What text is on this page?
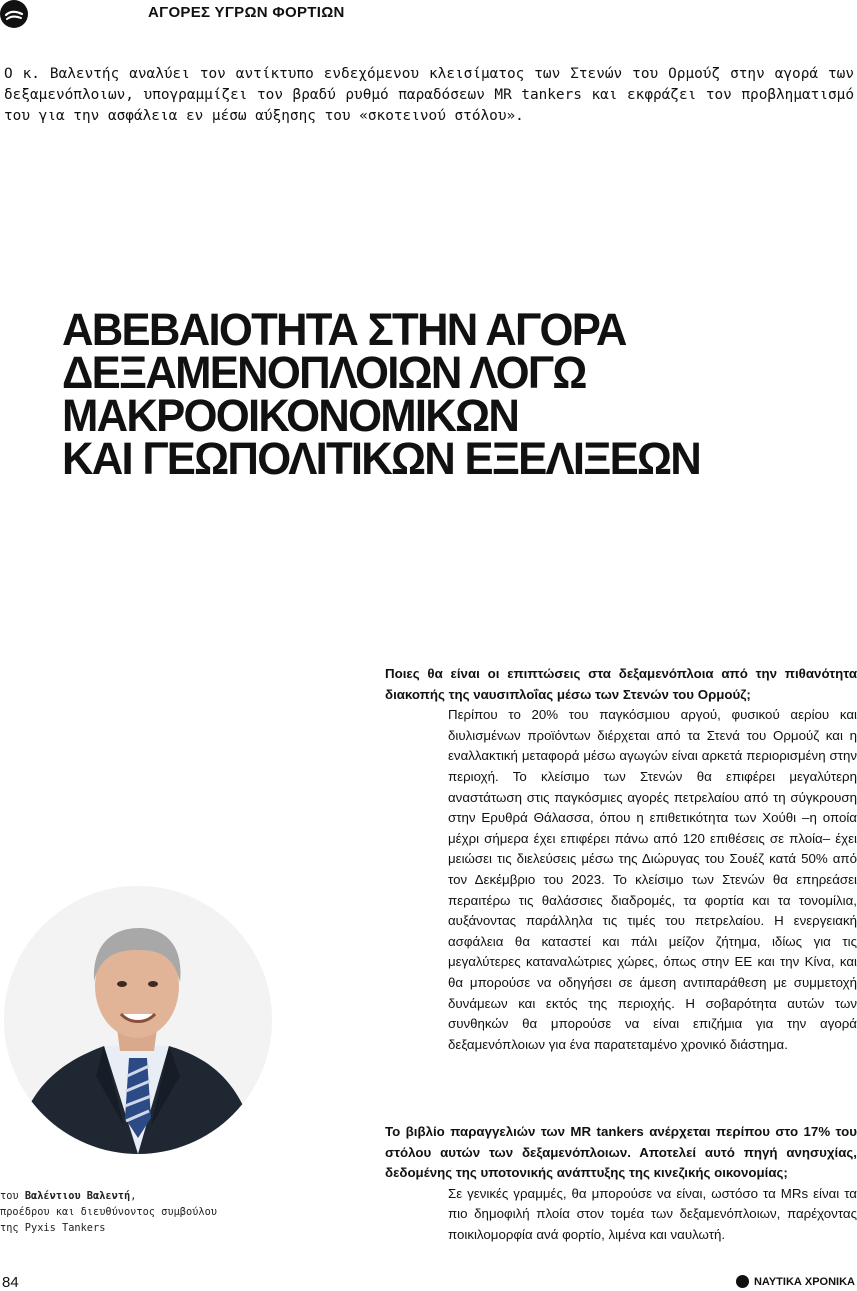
ΑΓΟΡΕΣ ΥΓΡΩΝ ΦΟΡΤΙΩΝ
Ο κ. Βαλεντής αναλύει τον αντίκτυπο ενδεχόμενου κλεισίματος των Στενών του Ορμούζ στην αγορά των δεξαμενόπλοιων, υπογραμμίζει τον βραδύ ρυθμό παραδόσεων MR tankers και εκφράζει τον προβληματισμό του για την ασφάλεια εν μέσω αύξησης του «σκοτεινού στόλου».
ΑΒΕΒΑΙΟΤΗΤΑ ΣΤΗΝ ΑΓΟΡΑ
ΔΕΞΑΜΕΝΟΠΛΟΙΩΝ ΛΟΓΩ
ΜΑΚΡΟΟΙΚΟΝΟΜΙΚΩΝ
ΚΑΙ ΓΕΩΠΟΛΙΤΙΚΩΝ ΕΞΕΛΙΞΕΩΝ
Ποιες θα είναι οι επιπτώσεις στα δεξαμενόπλοια από την πιθανότητα διακοπής της ναυσιπλοΐας μέσω των Στενών του Ορμούζ;
Περίπου το 20% του παγκόσμιου αργού, φυσικού αερίου και διυλισμένων προϊόντων διέρχεται από τα Στενά του Ορμούζ και η εναλλακτική μεταφορά μέσω αγωγών είναι αρκετά περιορισμένη στην περιοχή. Το κλείσιμο των Στενών θα επιφέρει μεγαλύτερη αναστάτωση στις παγκόσμιες αγορές πετρελαίου από τη σύγκρουση στην Ερυθρά Θάλασσα, όπου η επιθετικότητα των Χούθι –η οποία μέχρι σήμερα έχει επιφέρει πάνω από 120 επιθέσεις σε πλοία– έχει μειώσει τις διελεύσεις μέσω της Διώρυγας του Σουέζ κατά 50% από τον Δεκέμβριο του 2023. Το κλείσιμο των Στενών θα επηρεάσει περαιτέρω τις θαλάσσιες διαδρομές, τα φορτία και τα τονομίλια, αυξάνοντας παράλληλα τις τιμές του πετρελαίου. Η ενεργειακή ασφάλεια θα καταστεί και πάλι μείζον ζήτημα, ιδίως για τις μεγαλύτερες καταναλώτριες χώρες, όπως στην ΕΕ και την Κίνα, και θα μπορούσε να οδηγήσει σε άμεση αντιπαράθεση με συμμετοχή δυνάμεων και εκτός της περιοχής. Η σοβαρότητα αυτών των συνθηκών θα μπορούσε να είναι επιζήμια για την αγορά δεξαμενόπλοιων για ένα παρατεταμένο χρονικό διάστημα.
Το βιβλίο παραγγελιών των MR tankers ανέρχεται περίπου στο 17% του στόλου αυτών των δεξαμενόπλοιων. Αποτελεί αυτό πηγή ανησυχίας, δεδομένης της υποτονικής ανάπτυξης της κινεζικής οικονομίας;
Σε γενικές γραμμές, θα μπορούσε να είναι, ωστόσο τα MRs είναι τα πιο δημοφιλή πλοία στον τομέα των δεξαμενόπλοιων, παρέχοντας ποικιλομορφία ανά φορτίο, λιμένα και ναυλωτή.
του Βαλέντιου Βαλεντή,
προέδρου και διευθύνοντος συμβούλου
της Pyxis Tankers
84	ΝΑΥΤΙΚΑ ΧΡΟΝΙΚΑ
